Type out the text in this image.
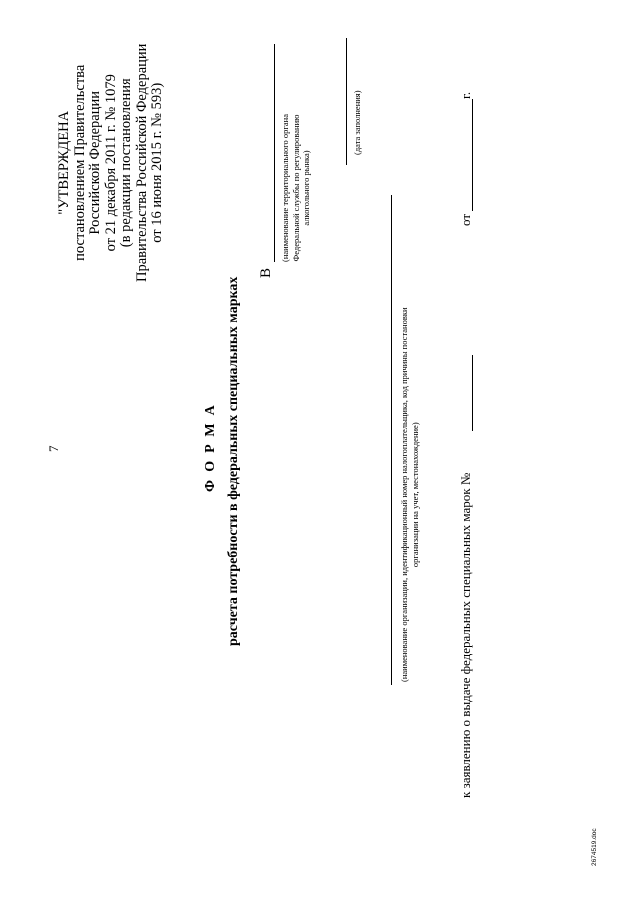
7
"УТВЕРЖДЕНА постановлением Правительства Российской Федерации от 21 декабря 2011 г. № 1079 (в редакции постановления Правительства Российской Федерации от 16 июня 2015 г. № 593)
В
(наименование территориального органа Федеральной службы по регулированию алкогольного рынка)
(дата заполнения)
ФОРМА расчета потребности в федеральных специальных марках	(наименование организации, идентификационный номер налогоплательщика, код причины постановки организации на учет, местонахождение)	к заявлению о выдаче федеральных специальных марок №
от
г.
2674519.doc
